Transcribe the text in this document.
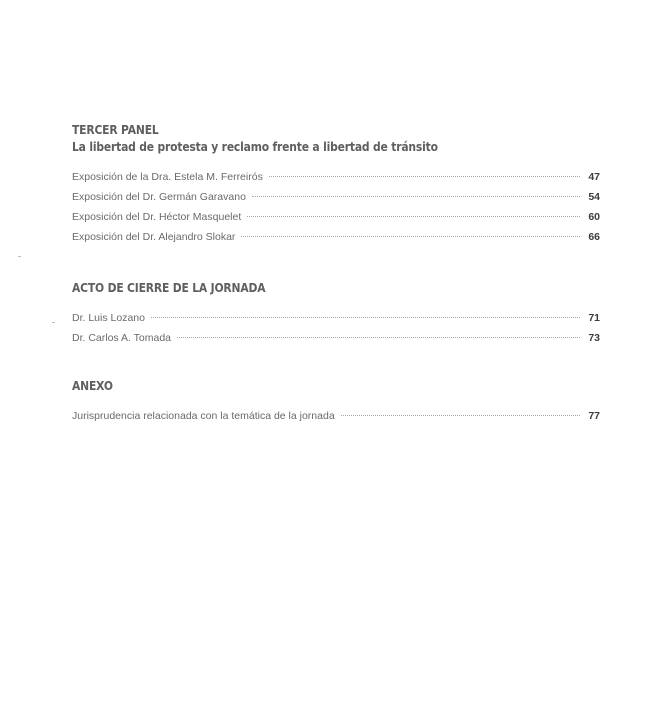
TERCER PANEL
La libertad de protesta y reclamo frente a libertad de tránsito
Exposición de la Dra. Estela M. Ferreirós	47
Exposición del Dr. Germán Garavano	54
Exposición del Dr. Héctor Masquelet	60
Exposición del Dr. Alejandro Slokar	66
ACTO DE CIERRE DE LA JORNADA
Dr. Luis Lozano	71
Dr. Carlos A. Tomada	73
ANEXO
Jurisprudencia relacionada con la temática de la jornada	77
